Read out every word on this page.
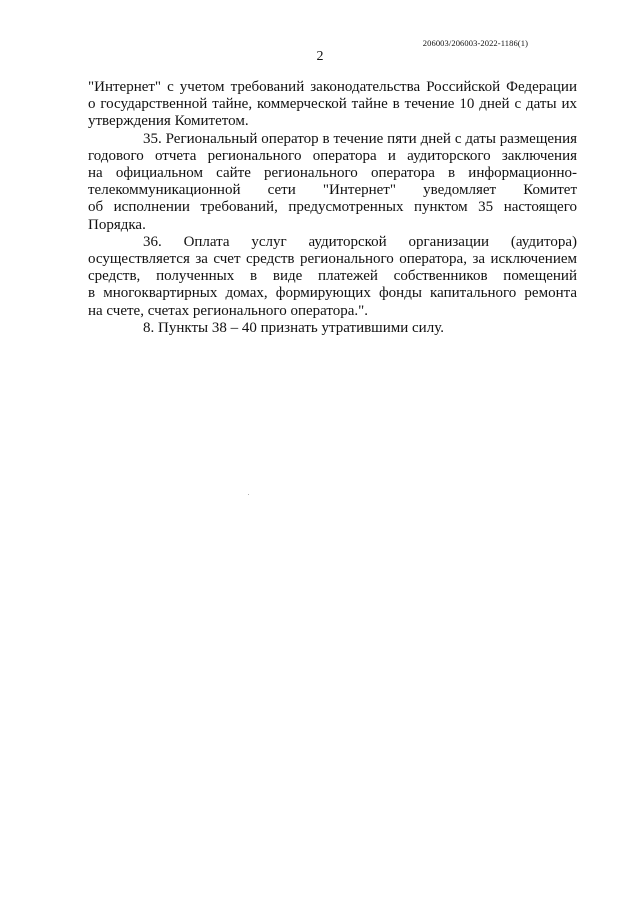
206003/206003-2022-1186(1)
2

"Интернет" с учетом требований законодательства Российской Федерации
о государственной тайне, коммерческой тайне в течение 10 дней с даты их
утверждения Комитетом.

35. Региональный оператор в течение пяти дней с даты размещения
годового отчета регионального оператора и аудиторского заключения
на официальном сайте регионального оператора в информационно-
телекоммуникационной сети "Интернет" уведомляет Комитет
об исполнении требований, предусмотренных пунктом 35 настоящего
Порядка.

36. Оплата услуг аудиторской организации (аудитора)
осуществляется за счет средств регионального оператора, за исключением
средств, полученных в виде платежей собственников помещений
в многоквартирных домах, формирующих фонды капитального ремонта
на счете, счетах регионального оператора.".

8. Пункты 38 – 40 признать утратившими силу.
